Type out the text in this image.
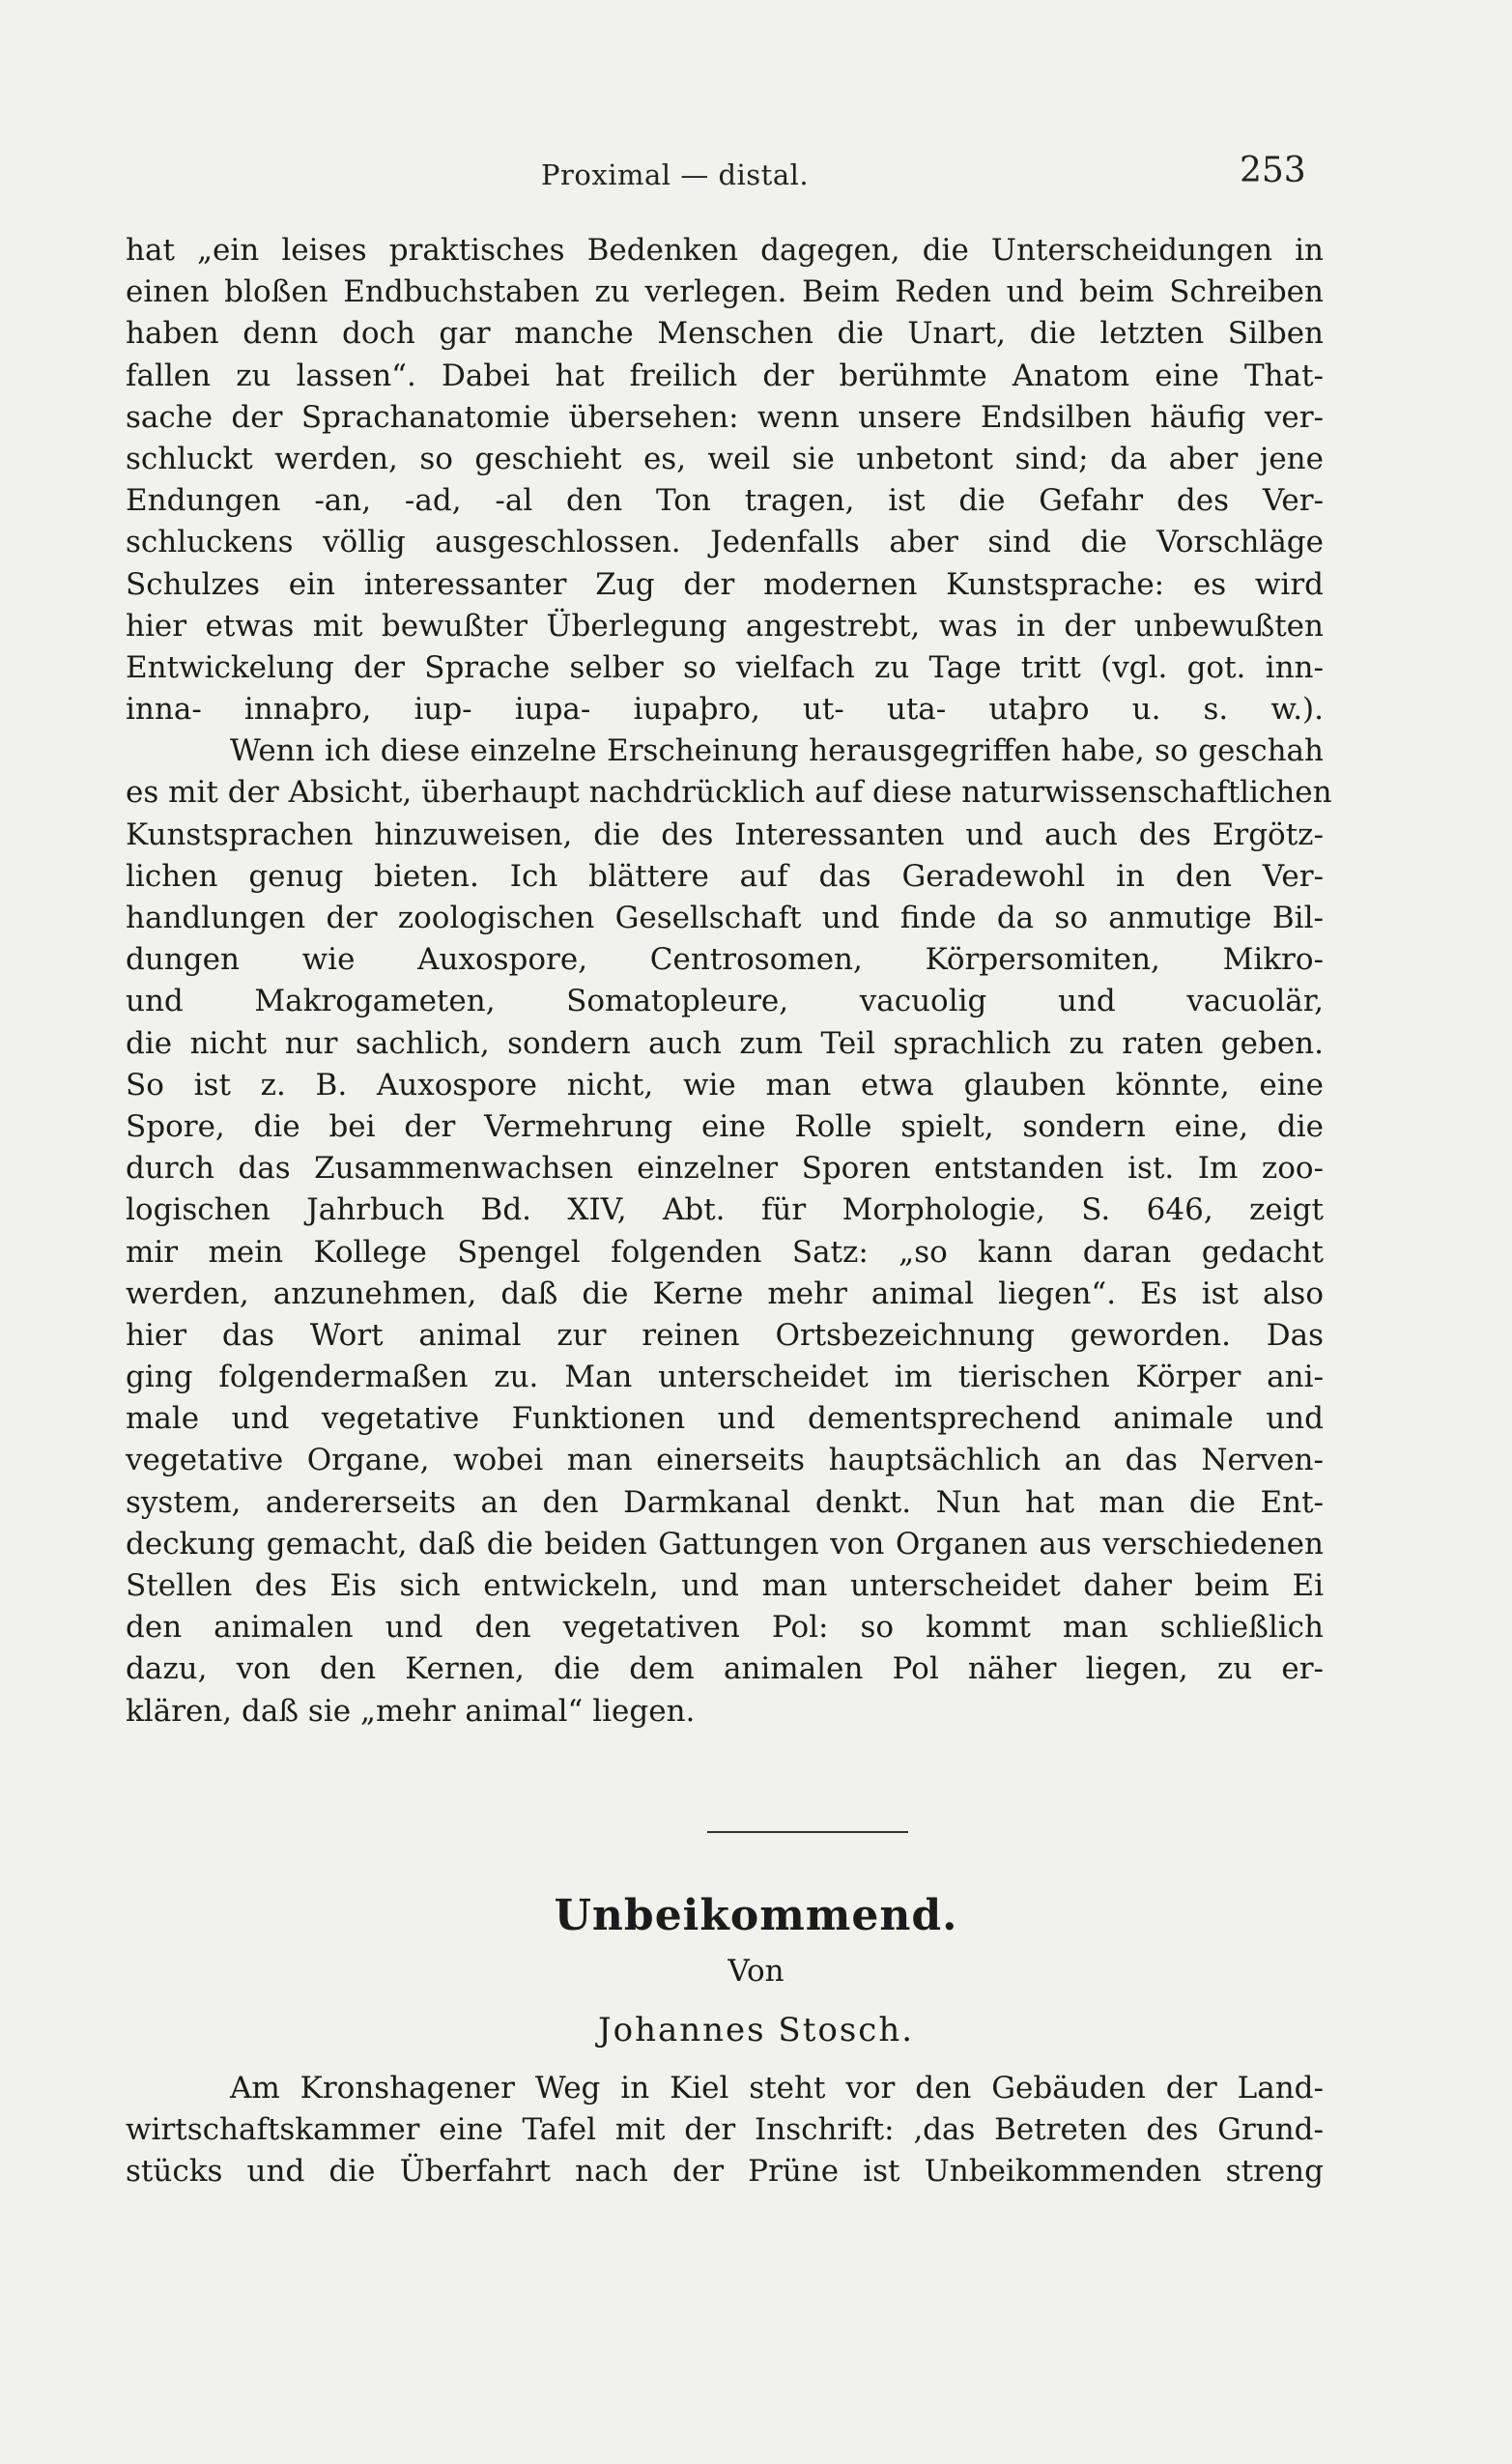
Proximal — distal.	253
hat „ein leises praktisches Bedenken dagegen, die Unterscheidungen in
einen bloßen Endbuchstaben zu verlegen. Beim Reden und beim Schreiben
haben denn doch gar manche Menschen die Unart, die letzten Silben
fallen zu lassen“. Dabei hat freilich der berühmte Anatom eine That-
sache der Sprachanatomie übersehen: wenn unsere Endsilben häufig ver-
schluckt werden, so geschieht es, weil sie unbetont sind; da aber jene
Endungen -an, -ad, -al den Ton tragen, ist die Gefahr des Ver-
schluckens völlig ausgeschlossen. Jedenfalls aber sind die Vorschläge
Schulzes ein interessanter Zug der modernen Kunstsprache: es wird
hier etwas mit bewußter Überlegung angestrebt, was in der unbewußten
Entwickelung der Sprache selber so vielfach zu Tage tritt (vgl. got. inn-
inna- innaþro, iup- iupa- iupaþro, ut- uta- utaþro u. s. w.).
Wenn ich diese einzelne Erscheinung herausgegriffen habe, so geschah
es mit der Absicht, überhaupt nachdrücklich auf diese naturwissenschaftlichen
Kunstsprachen hinzuweisen, die des Interessanten und auch des Ergötz-
lichen genug bieten. Ich blättere auf das Geradewohl in den Ver-
handlungen der zoologischen Gesellschaft und finde da so anmutige Bil-
dungen wie Auxospore, Centrosomen, Körpersomiten, Mikro-
und Makrogameten, Somatopleure, vacuolig und vacuolär,
die nicht nur sachlich, sondern auch zum Teil sprachlich zu raten geben.
So ist z. B. Auxospore nicht, wie man etwa glauben könnte, eine
Spore, die bei der Vermehrung eine Rolle spielt, sondern eine, die
durch das Zusammenwachsen einzelner Sporen entstanden ist. Im zoo-
logischen Jahrbuch Bd. XIV, Abt. für Morphologie, S. 646, zeigt
mir mein Kollege Spengel folgenden Satz: „so kann daran gedacht
werden, anzunehmen, daß die Kerne mehr animal liegen“. Es ist also
hier das Wort animal zur reinen Ortsbezeichnung geworden. Das
ging folgendermaßen zu. Man unterscheidet im tierischen Körper ani-
male und vegetative Funktionen und dementsprechend animale und
vegetative Organe, wobei man einerseits hauptsächlich an das Nerven-
system, andererseits an den Darmkanal denkt. Nun hat man die Ent-
deckung gemacht, daß die beiden Gattungen von Organen aus verschiedenen
Stellen des Eis sich entwickeln, und man unterscheidet daher beim Ei
den animalen und den vegetativen Pol: so kommt man schließlich
dazu, von den Kernen, die dem animalen Pol näher liegen, zu er-
klären, daß sie „mehr animal“ liegen.
Unbeikommend.
Von
Johannes Stosch.
Am Kronshagener Weg in Kiel steht vor den Gebäuden der Land-
wirtschaftskammer eine Tafel mit der Inschrift: ‚das Betreten des Grund-
stücks und die Überfahrt nach der Prüne ist Unbeikommenden streng
